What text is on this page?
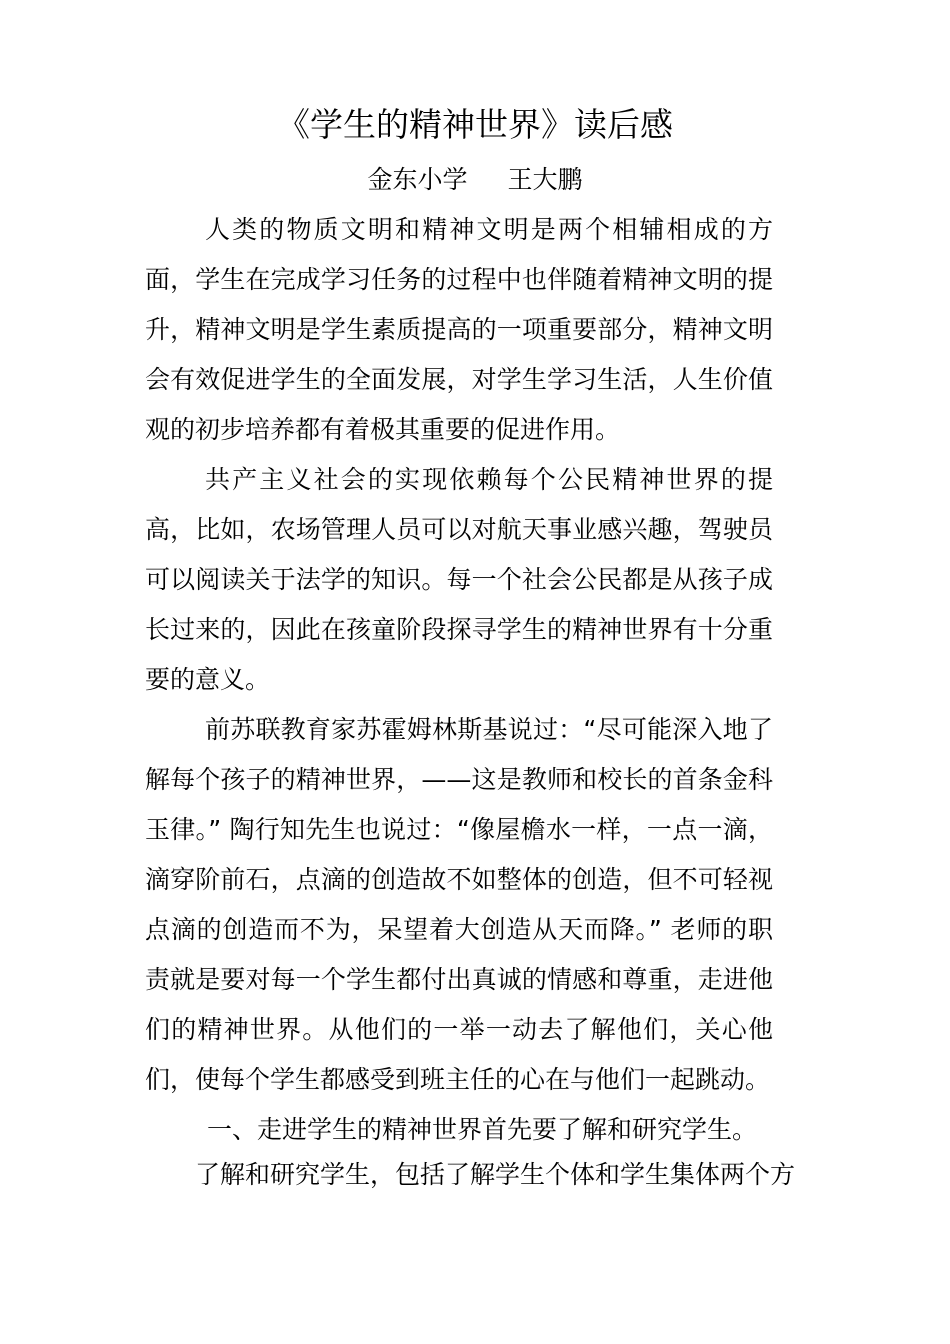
《学生的精神世界》读后感
金东小学 王大鹏

人类的物质文明和精神文明是两个相辅相成的方面，学生在完成学习任务的过程中也伴随着精神文明的提升，精神文明是学生素质提高的一项重要部分，精神文明会有效促进学生的全面发展，对学生学习生活，人生价值观的初步培养都有着极其重要的促进作用。

共产主义社会的实现依赖每个公民精神世界的提高，比如，农场管理人员可以对航天事业感兴趣，驾驶员可以阅读关于法学的知识。每一个社会公民都是从孩子成长过来的，因此在孩童阶段探寻学生的精神世界有十分重要的意义。

前苏联教育家苏霍姆林斯基说过：“尽可能深入地了解每个孩子的精神世界，——这是教师和校长的首条金科玉律。” 陶行知先生也说过：“像屋檐水一样，一点一滴，滴穿阶前石，点滴的创造故不如整体的创造，但不可轻视点滴的创造而不为，呆望着大创造从天而降。” 老师的职责就是要对每一个学生都付出真诚的情感和尊重，走进他们的精神世界。从他们的一举一动去了解他们，关心他们，使每个学生都感受到班主任的心在与他们一起跳动。

一、走进学生的精神世界首先要了解和研究学生。

了解和研究学生，包括了解学生个体和学生集体两个方
